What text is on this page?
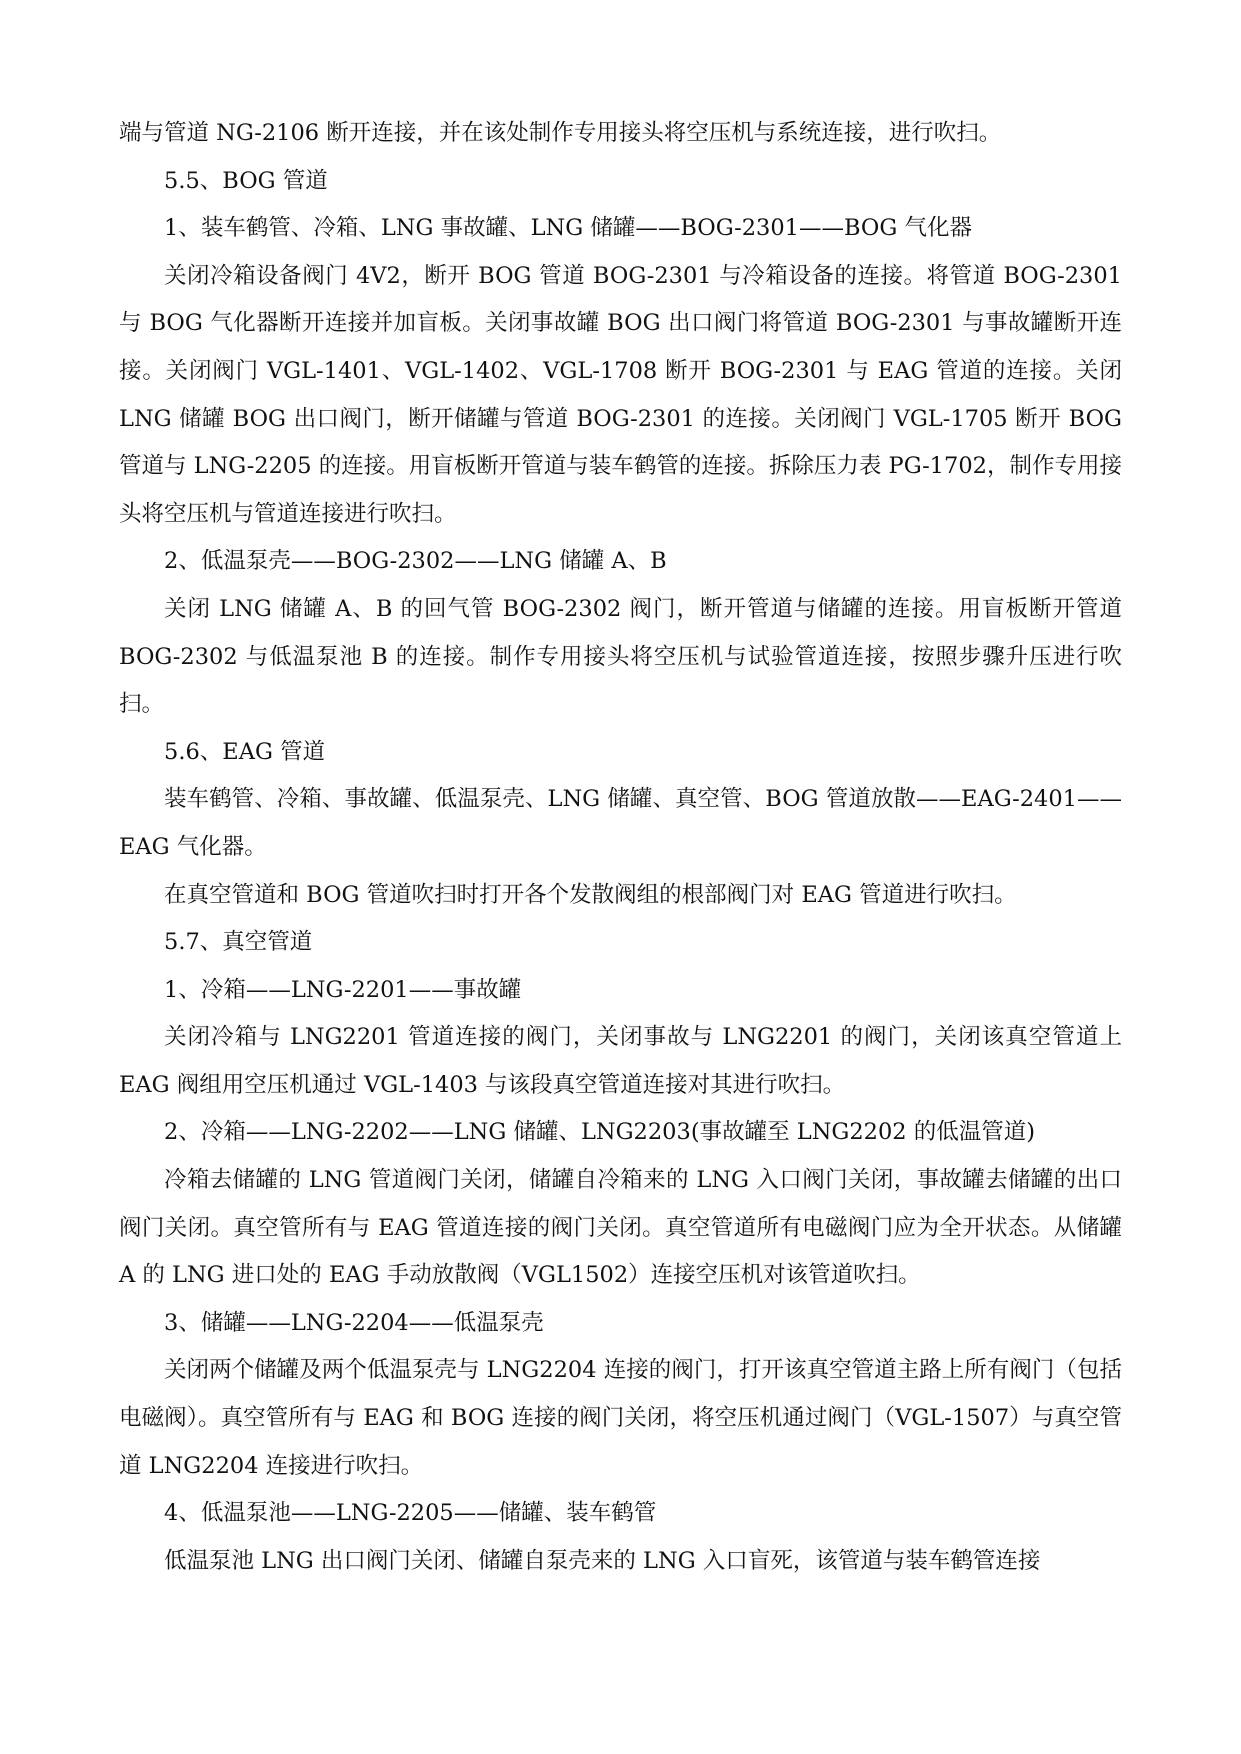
端与管道 NG-2106 断开连接，并在该处制作专用接头将空压机与系统连接，进行吹扫。

5.5、BOG 管道

1、装车鹤管、冷箱、LNG 事故罐、LNG 储罐——BOG-2301——BOG 气化器

关闭冷箱设备阀门 4V2，断开 BOG 管道 BOG-2301 与冷箱设备的连接。将管道 BOG-2301 与 BOG 气化器断开连接并加盲板。关闭事故罐 BOG 出口阀门将管道 BOG-2301 与事故罐断开连接。关闭阀门 VGL-1401、VGL-1402、VGL-1708 断开 BOG-2301 与 EAG 管道的连接。关闭 LNG 储罐 BOG 出口阀门，断开储罐与管道 BOG-2301 的连接。关闭阀门 VGL-1705 断开 BOG 管道与 LNG-2205 的连接。用盲板断开管道与装车鹤管的连接。拆除压力表 PG-1702，制作专用接头将空压机与管道连接进行吹扫。

2、低温泵壳——BOG-2302——LNG 储罐 A、B

关闭 LNG 储罐 A、B 的回气管 BOG-2302 阀门，断开管道与储罐的连接。用盲板断开管道 BOG-2302 与低温泵池 B 的连接。制作专用接头将空压机与试验管道连接，按照步骤升压进行吹扫。

5.6、EAG 管道

装车鹤管、冷箱、事故罐、低温泵壳、LNG 储罐、真空管、BOG 管道放散——EAG-2401——EAG 气化器。

在真空管道和 BOG 管道吹扫时打开各个发散阀组的根部阀门对 EAG 管道进行吹扫。

5.7、真空管道

1、冷箱——LNG-2201——事故罐

关闭冷箱与 LNG2201 管道连接的阀门，关闭事故与 LNG2201 的阀门，关闭该真空管道上 EAG 阀组用空压机通过 VGL-1403 与该段真空管道连接对其进行吹扫。

2、冷箱——LNG-2202——LNG 储罐、LNG2203(事故罐至 LNG2202 的低温管道)

冷箱去储罐的 LNG 管道阀门关闭，储罐自冷箱来的 LNG 入口阀门关闭，事故罐去储罐的出口阀门关闭。真空管所有与 EAG 管道连接的阀门关闭。真空管道所有电磁阀门应为全开状态。从储罐 A 的 LNG 进口处的 EAG 手动放散阀（VGL1502）连接空压机对该管道吹扫。

3、储罐——LNG-2204——低温泵壳

关闭两个储罐及两个低温泵壳与 LNG2204 连接的阀门，打开该真空管道主路上所有阀门（包括电磁阀）。真空管所有与 EAG 和 BOG 连接的阀门关闭，将空压机通过阀门（VGL-1507）与真空管道 LNG2204 连接进行吹扫。

4、低温泵池——LNG-2205——储罐、装车鹤管

低温泵池 LNG 出口阀门关闭、储罐自泵壳来的 LNG 入口盲死，该管道与装车鹤管连接
